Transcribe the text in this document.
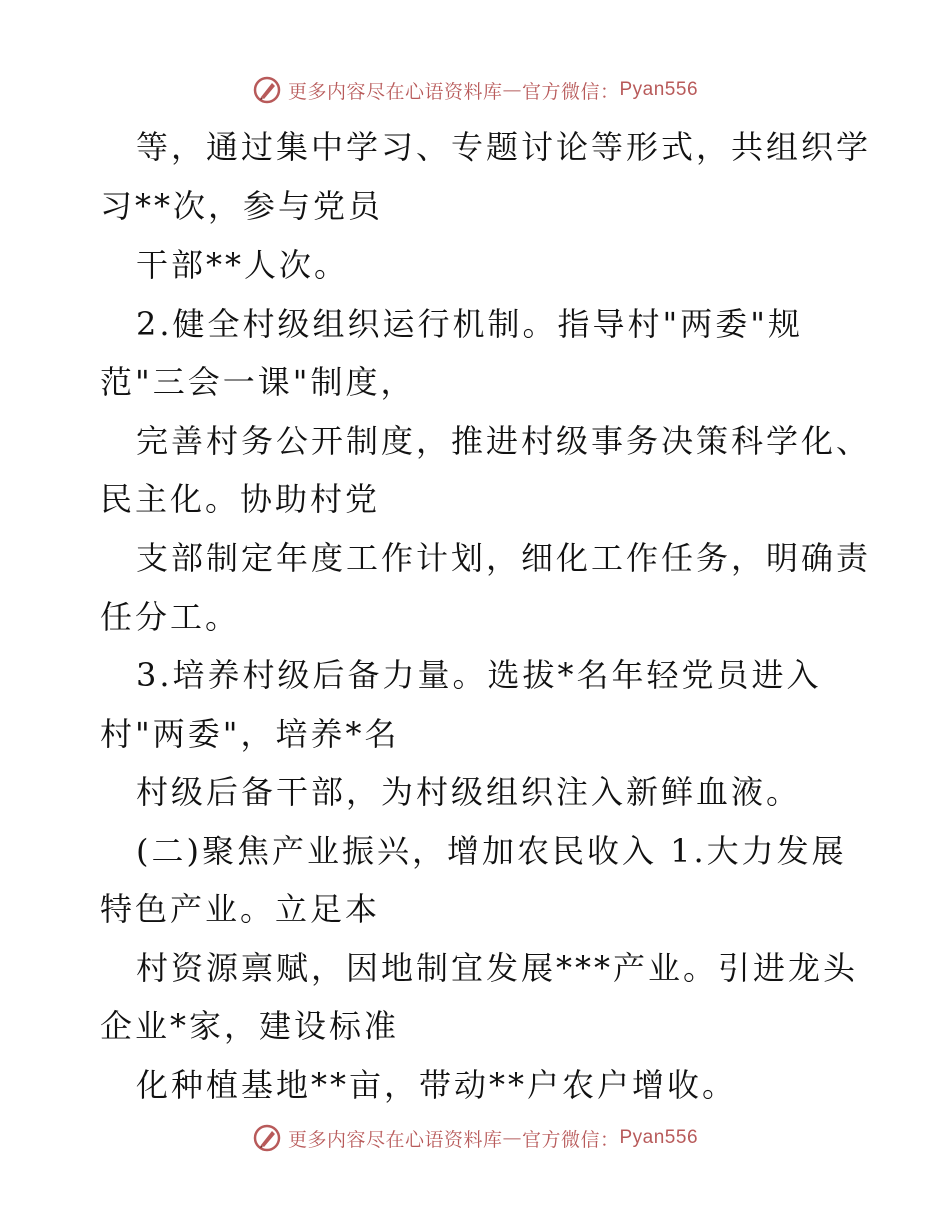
更多内容尽在心语资料库 — 官方微信： Pyan556
等，通过集中学习、专题讨论等形式，共组织学
习**次，参与党员
干部**人次。
2.健全村级组织运行机制。指导村"两委"规
范"三会一课"制度，
完善村务公开制度，推进村级事务决策科学化、
民主化。协助村党
支部制定年度工作计划，细化工作任务，明确责
任分工。
3.培养村级后备力量。选拔*名年轻党员进入
村"两委"，培养*名
村级后备干部，为村级组织注入新鲜血液。
(二)聚焦产业振兴，增加农民收入 1.大力发展
特色产业。立足本
村资源禀赋，因地制宜发展***产业。引进龙头
企业*家，建设标准
化种植基地**亩，带动**户农户增收。
更多内容尽在心语资料库 — 官方微信： Pyan556
